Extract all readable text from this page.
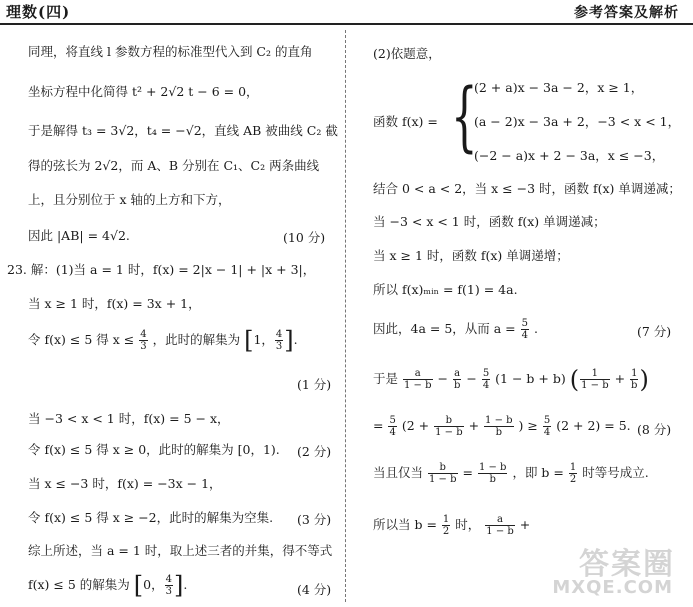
理数(四)	参考答案及解析
同理，将直线 l 参数方程的标准型代入到 C₂ 的直角
坐标方程中化简得 t² + 2√2 t − 6 = 0，
于是解得 t₃ = 3√2，t₄ = −√2，直线 AB 被曲线 C₂ 截
得的弦长为 2√2，而 A、B 分别在 C₁、C₂ 两条曲线
上，且分别位于 x 轴的上方和下方，
因此 |AB| = 4√2.	(10 分)
23. 解：(1)当 a = 1 时，f(x) = 2|x − 1| + |x + 3|，
当 x ≥ 1 时，f(x) = 3x + 1，
令 f(x) ≤ 5 得 $x \le \frac{4}{3}$ ，此时的解集为 [1， $\frac{4}{3}$ ].
(1 分)
当 −3 < x < 1 时，f(x) = 5 − x，
令 f(x) ≤ 5 得 x ≥ 0，此时的解集为 [0，1). (2 分)
当 x ≤ −3 时，f(x) = −3x − 1，
令 f(x) ≤ 5 得 x ≥ −2，此时的解集为空集. (3 分)
综上所述，当 a = 1 时，取上述三者的并集，得不等式
f(x) ≤ 5 的解集为 [0， $\frac{4}{3}$ ].	(4 分)
(2)依题意，
函数 f(x) = {
(2 + a)x − 3a − 2，x ≥ 1，
(a − 2)x − 3a + 2，−3 < x < 1，
(−2 − a)x + 2 − 3a，x ≤ −3，
结合 0 < a < 2，当 x ≤ −3 时，函数 f(x) 单调递减；
当 −3 < x < 1 时，函数 f(x) 单调递减；
当 x ≥ 1 时，函数 f(x) 单调递增；
所以 f(x)ₘᵢₙ = f(1) = 4a.
因此，4a = 5，从而 $a = \frac{5}{4}$ .	(7 分)
于是 $\frac{a}{1 - b} - \frac{a}{b} - \frac{5}{4} (1 - b + b)$ ( $\frac{1}{1 - b} + \frac{1}{b}$ )
= $\frac{5}{4} (2 + \frac{b}{1 - b} + \frac{1 - b}{b}$ ) ≥ $\frac{5}{4} (2 + 2) = 5$. (8 分)
当且仅当 $\frac{b}{1 - b} = \frac{1 - b}{b}$ ，即 $b = \frac{1}{2}$ 时等号成立.
所以当 $b = \frac{1}{2}$ 时， $\frac{a}{1 - b}$ +
答案圈
MXQE.COM
